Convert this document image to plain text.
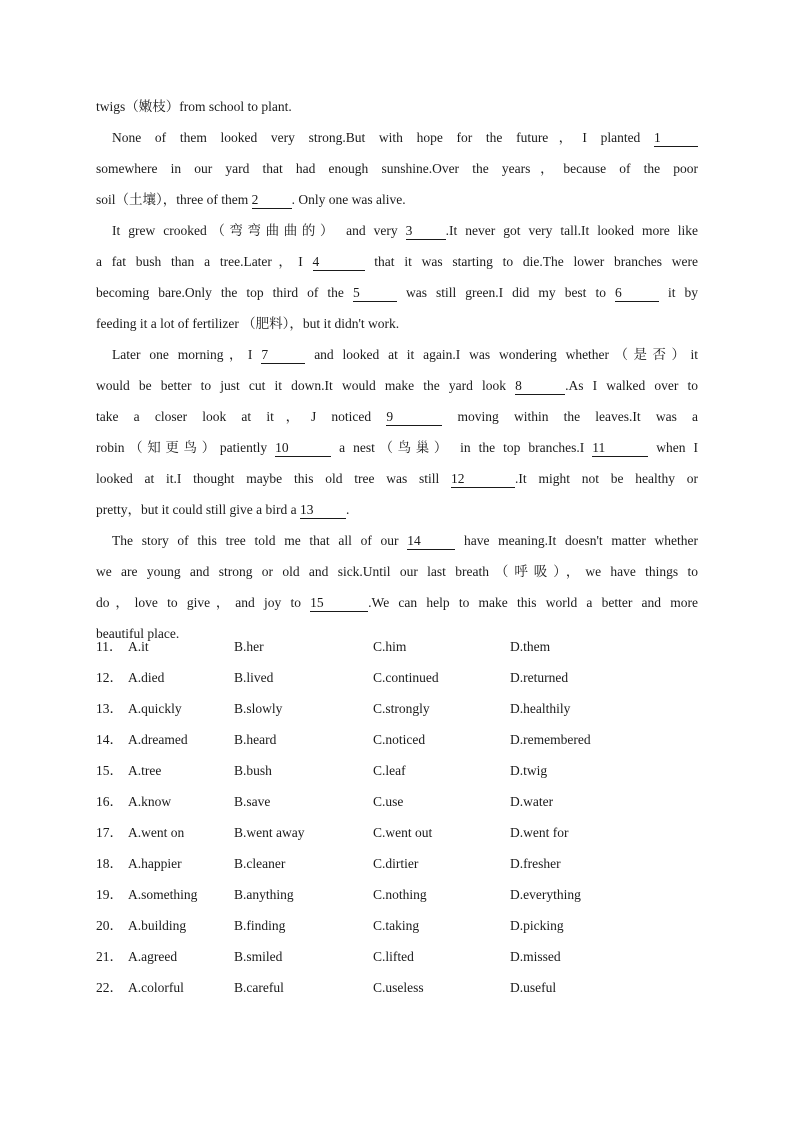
twigs（嫩枝）from school to plant.
None of them looked very strong.But with hope for the future，I planted 1
somewhere in our yard that had enough sunshine.Over the years，because of the poor
soil（土壤），three of them 2 . Only one was alive.
It grew crooked（弯弯曲曲的） and very 3 .It never got very tall.It looked more like
a fat bush than a tree.Later，I 4	that it was starting to die.The lower branches were
becoming bare.Only the top third of the 5	was still green.I did my best to 6	it by
feeding it a lot of fertilizer （肥料），but it didn't work.
Later one morning，I 7	and looked at it again.I was wondering whether（是否）it
would be better to just cut it down.It would make the yard look 8	.As I walked over to
take a closer look at it，J noticed 9	moving within the leaves.It was a
robin（知更鸟）patiently 10	a nest（鸟巢） in the top branches.I 11	when I
looked at it.I thought maybe this old tree was still 12	.It might not be healthy or
pretty，but it could still give a bird a 13 .
The story of this tree told me that all of our 14	have meaning.It doesn't matter whether
we are young and strong or old and sick.Until our last breath（呼吸），we have things to
do，love to give，and joy to 15	.We can help to make this world a better and more
beautiful place.
11． A.it	B.her	C.him	D.them
12． A.died	B.lived	C.continued	D.returned
13． A.quickly	B.slowly	C.strongly	D.healthily
14． A.dreamed	B.heard	C.noticed	D.remembered
15． A.tree	B.bush	C.leaf	D.twig
16． A.know	B.save	C.use	D.water
17． A.went on	B.went away	C.went out	D.went for
18． A.happier	B.cleaner	C.dirtier	D.fresher
19． A.something	B.anything	C.nothing	D.everything
20． A.building	B.finding	C.taking	D.picking
21． A.agreed	B.smiled	C.lifted	D.missed
22． A.colorful	B.careful	C.useless	D.useful
